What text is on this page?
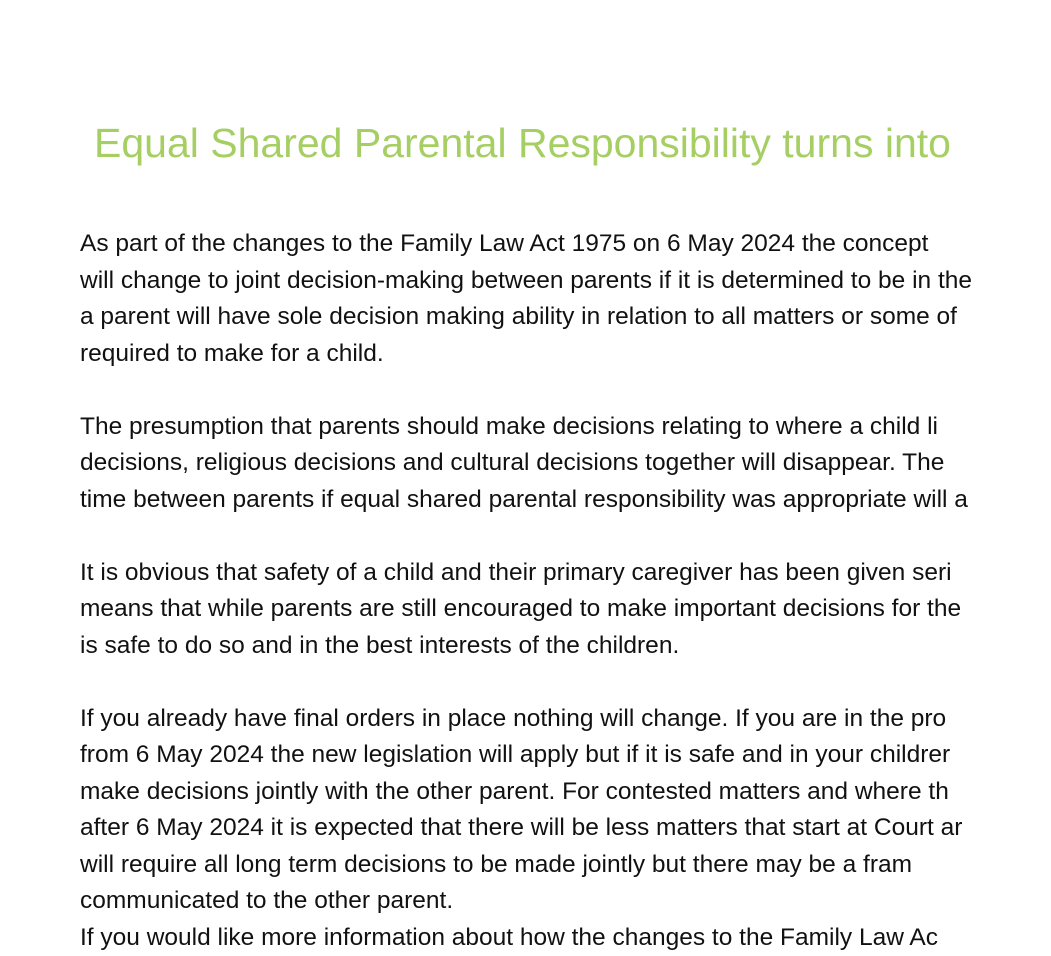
Equal Shared Parental Responsibility turns into

As part of the changes to the Family Law Act 1975 on 6 May 2024 the concept
will change to joint decision-making between parents if it is determined to be in the
a parent will have sole decision making ability in relation to all matters or some of
required to make for a child.

The presumption that parents should make decisions relating to where a child li
decisions, religious decisions and cultural decisions together will disappear. The
time between parents if equal shared parental responsibility was appropriate will a

It is obvious that safety of a child and their primary caregiver has been given seri
means that while parents are still encouraged to make important decisions for the
is safe to do so and in the best interests of the children.

If you already have final orders in place nothing will change. If you are in the pro
from 6 May 2024 the new legislation will apply but if it is safe and in your childrer
make decisions jointly with the other parent. For contested matters and where th
after 6 May 2024 it is expected that there will be less matters that start at Court ar
will require all long term decisions to be made jointly but there may be a fram
communicated to the other parent.

If you would like more information about how the changes to the Family Law Ac
